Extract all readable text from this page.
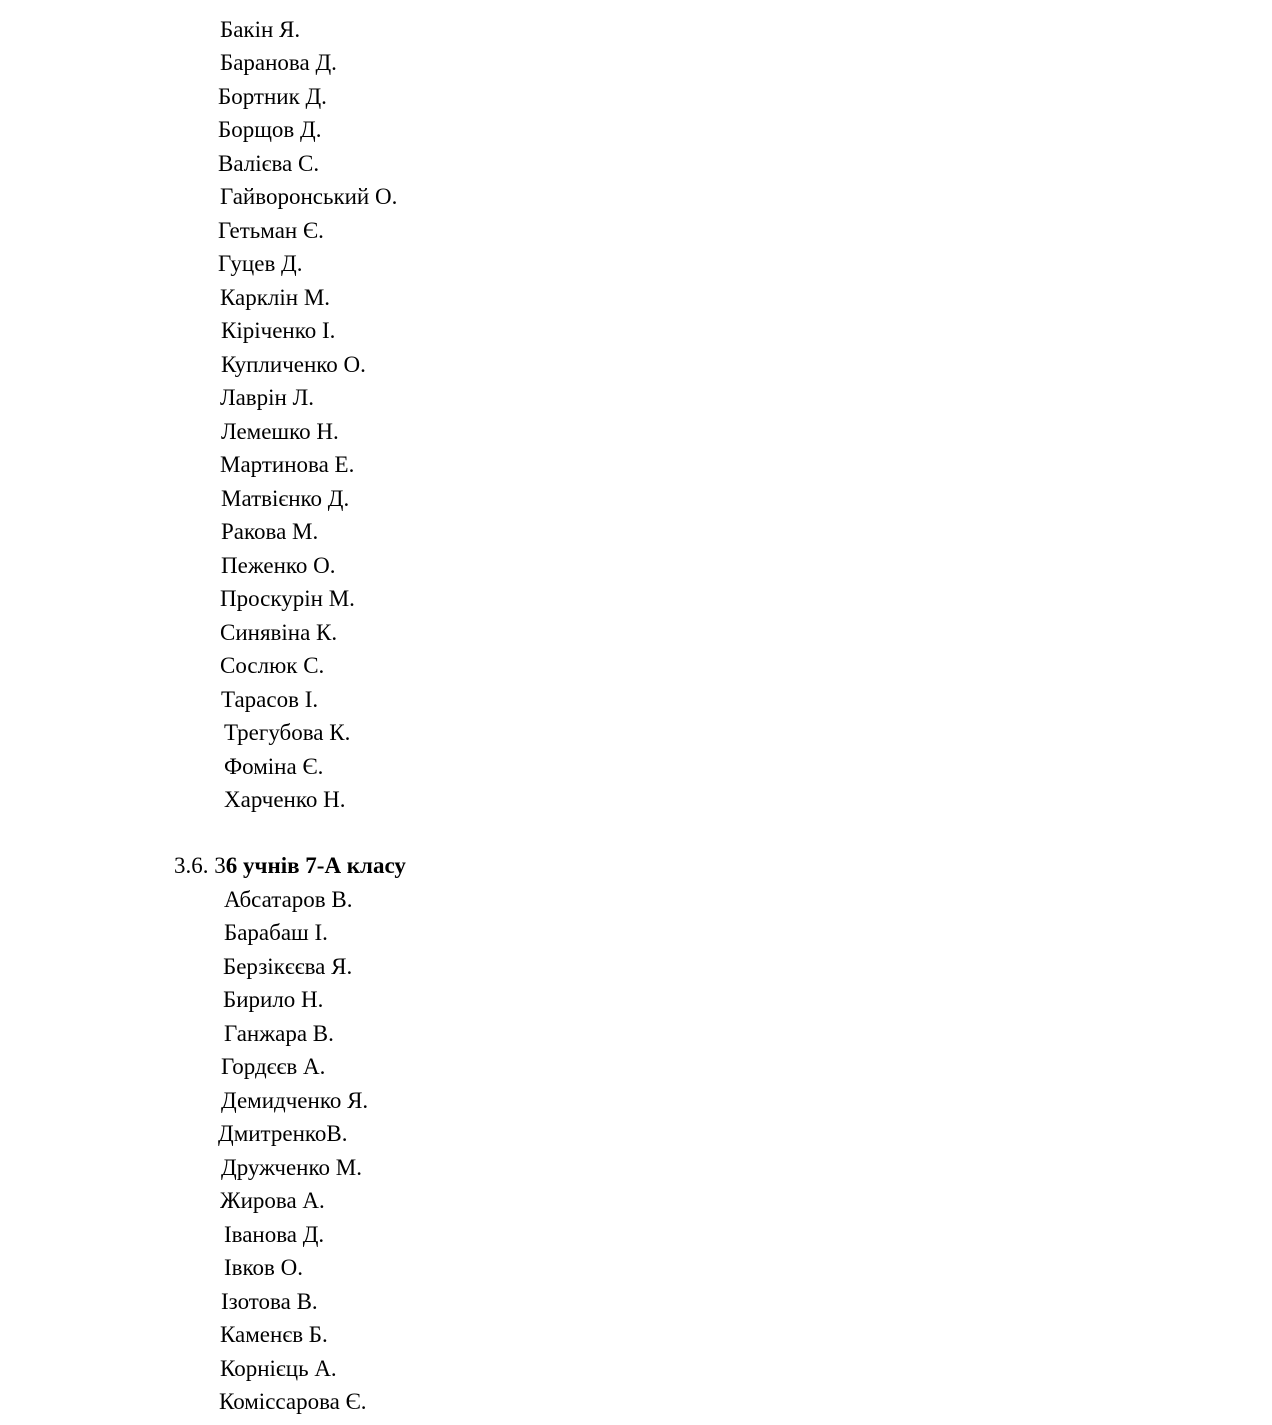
Бакін Я.
Баранова Д.
Бортник Д.
Борщов Д.
Валієва С.
Гайворонський О.
Гетьман Є.
Гуцев Д.
Карклін М.
Кіріченко І.
Купличенко О.
Лаврін Л.
Лемешко Н.
Мартинова Е.
Матвієнко Д.
Ракова М.
Пеженко О.
Проскурін М.
Синявіна К.
Сослюк С.
Тарасов І.
Трегубова К.
Фоміна Є.
Харченко Н.
3.6. 36 учнів 7-А класу
Абсатаров В.
Барабаш І.
Берзікєєва Я.
Бирило Н.
Ганжара В.
Гордєєв А.
Демидченко Я.
ДмитренкоВ.
Дружченко М.
Жирова А.
Іванова Д.
Івков О.
Ізотова В.
Каменєв Б.
Корнієць А.
Коміссарова Є.
